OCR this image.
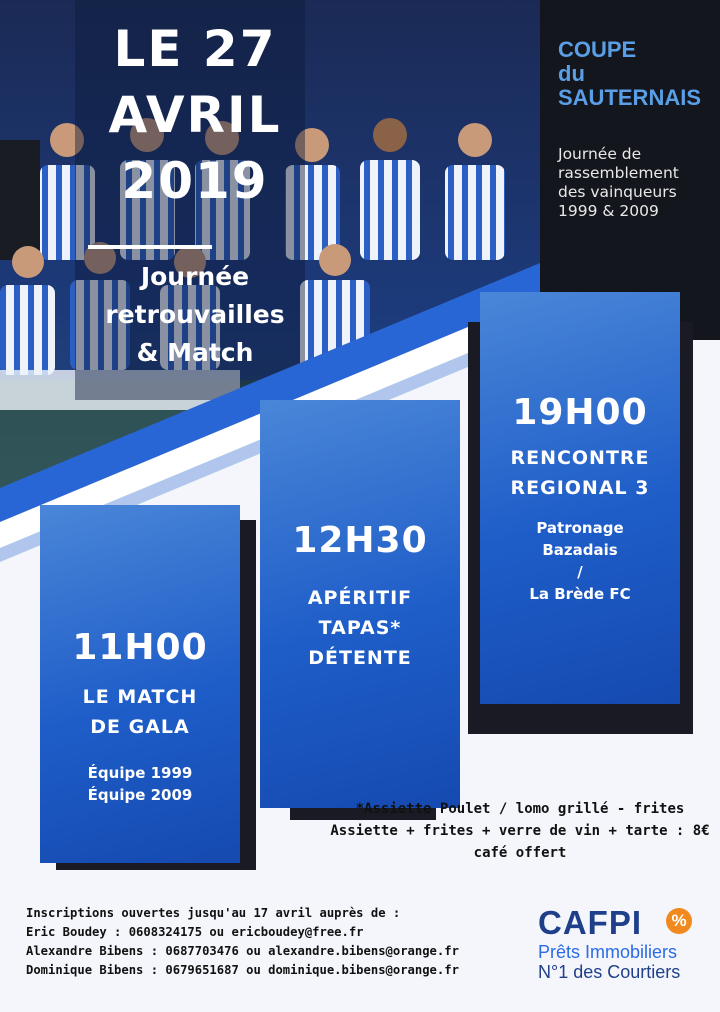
LE 27
AVRIL
2019
Journée
retrouvailles
& Match
COUPE
du
SAUTERNAIS
Journée de
rassemblement
des vainqueurs
1999 & 2009
19H00
RENCONTRE
REGIONAL 3
Patronage
Bazadais
/
La Brède FC
12H30
APÉRITIF
TAPAS*
DÉTENTE
11H00
LE MATCH
DE GALA
Équipe 1999
Équipe 2009
*Assiette Poulet / lomo grillé - frites
Assiette + frites + verre de vin + tarte : 8€
café offert
Inscriptions ouvertes jusqu'au 17 avril auprès de :
Eric Boudey : 0608324175 ou ericboudey@free.fr
Alexandre Bibens : 0687703476 ou alexandre.bibens@orange.fr
Dominique Bibens : 0679651687 ou dominique.bibens@orange.fr
CAFPI	%
Prêts Immobiliers
N°1 des Courtiers
